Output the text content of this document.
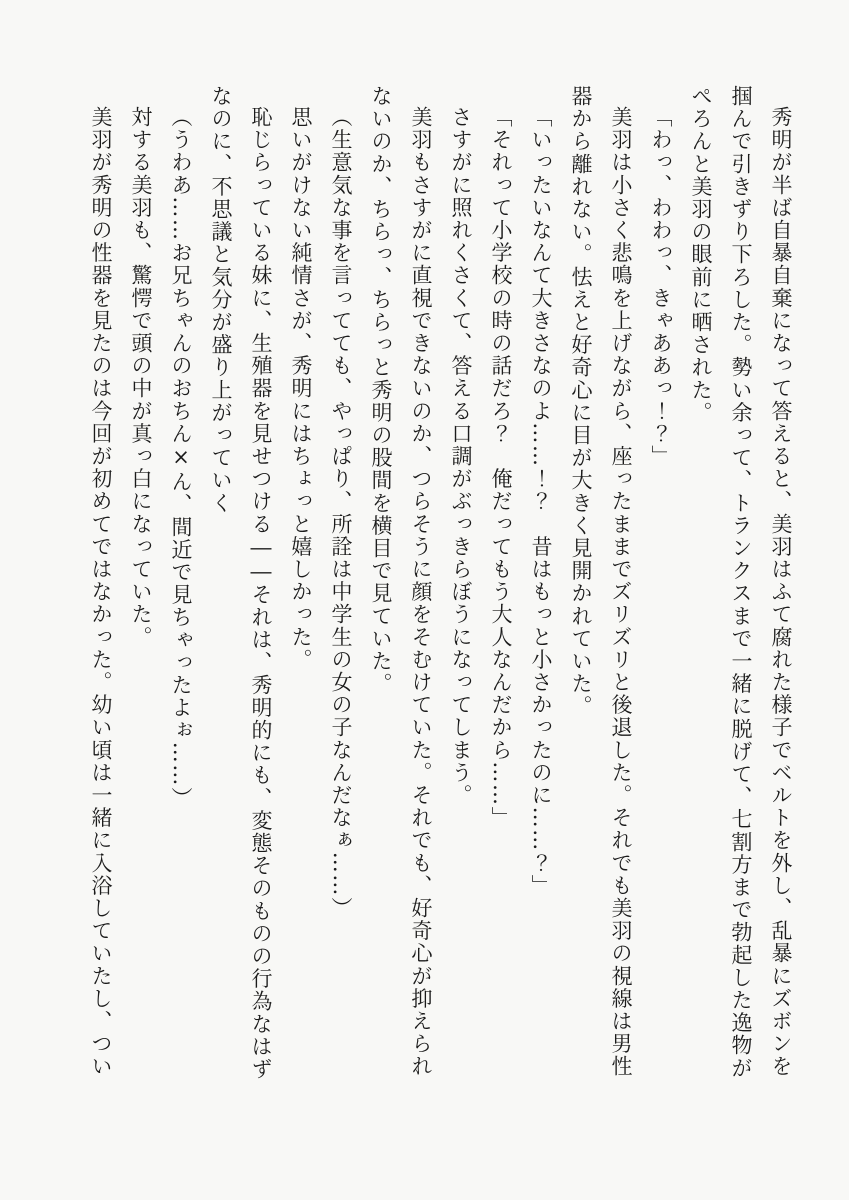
秀明が半ば自暴自棄になって答えると、美羽はふて腐れた様子でベルトを外し、乱暴にズボンを掴んで引きずり下ろした。勢い余って、トランクスまで一緒に脱げて、七割方まで勃起した逸物がぺろんと美羽の眼前に晒された。

「わっ、わわっ、きゃああっ！？」

美羽は小さく悲鳴を上げながら、座ったままでズリズリと後退した。それでも美羽の視線は男性器から離れない。怯えと好奇心に目が大きく見開かれていた。

「いったいなんて大きさなのよ……！？　昔はもっと小さかったのに……？」

「それって小学校の時の話だろ？　俺だってもう大人なんだから……」

さすがに照れくさくて、答える口調がぶっきらぼうになってしまう。

美羽もさすがに直視できないのか、つらそうに顔をそむけていた。それでも、好奇心が抑えられないのか、ちらっ、ちらっと秀明の股間を横目で見ていた。

（生意気な事を言ってても、やっぱり、所詮は中学生の女の子なんだなぁ……）

思いがけない純情さが、秀明にはちょっと嬉しかった。

恥じらっている妹に、生殖器を見せつける――それは、秀明的にも、変態そのものの行為なはずなのに、不思議と気分が盛り上がっていく

（うわあ……お兄ちゃんのおちん×ん、間近で見ちゃったよぉ……）

対する美羽も、驚愕で頭の中が真っ白になっていた。

美羽が秀明の性器を見たのは今回が初めてではなかった。幼い頃は一緒に入浴していたし、つい
